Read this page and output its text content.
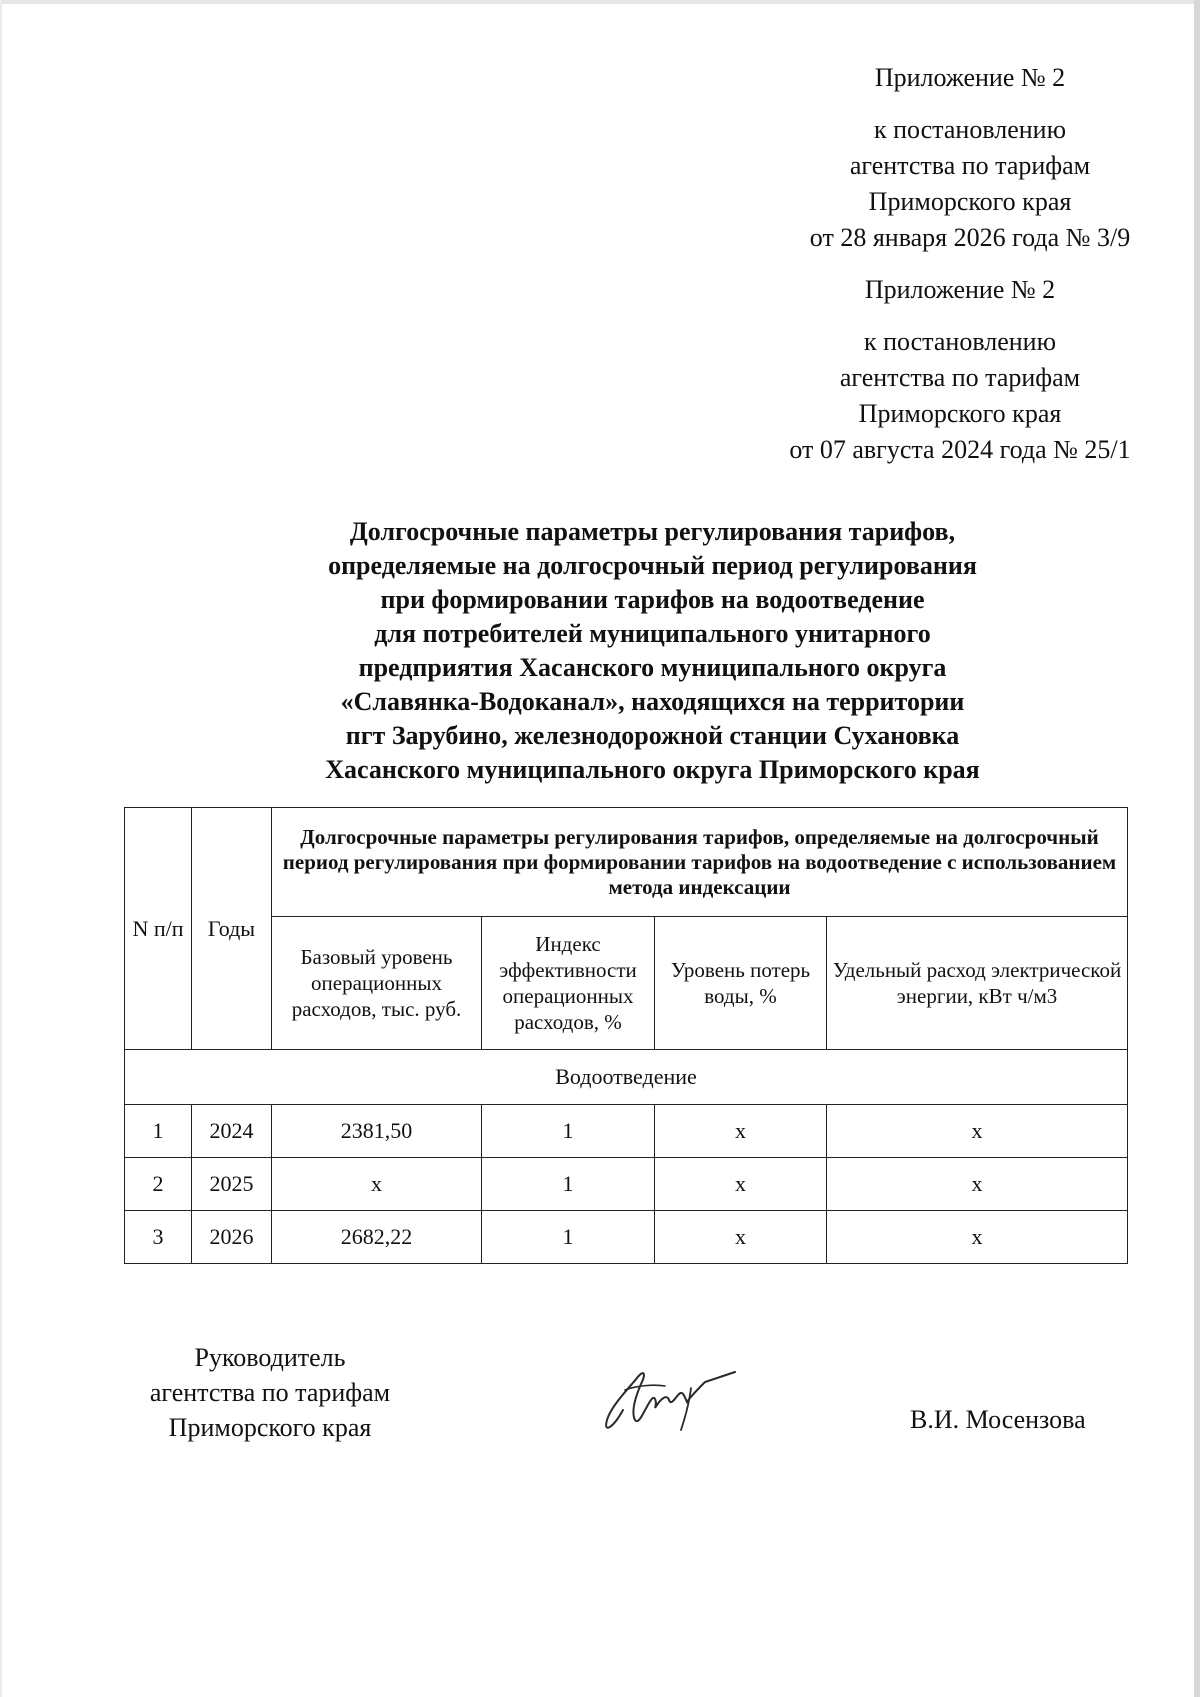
Приложение № 2
к постановлению
агентства по тарифам
Приморского края
от 28 января 2026 года № 3/9
Приложение № 2
к постановлению
агентства по тарифам
Приморского края
от 07 августа 2024 года № 25/1
Долгосрочные параметры регулирования тарифов,
определяемые на долгосрочный период регулирования
при формировании тарифов на водоотведение
для потребителей муниципального унитарного
предприятия Хасанского муниципального округа
«Славянка-Водоканал», находящихся на территории
пгт Зарубино, железнодорожной станции Сухановка
Хасанского муниципального округа Приморского края
N п/п	Годы	Долгосрочные параметры регулирования тарифов, определяемые на долгосрочный период регулирования при формировании тарифов на водоотведение с использованием метода индексации			
		Базовый уровень операционных расходов, тыс. руб.	Индекс эффективности операционных расходов, %	Уровень потерь воды, %	Удельный расход электрической энергии, кВт ч/м3
Водоотведение					
1	2024	2381,50	1	x	x
2	2025	x	1	x	x
3	2026	2682,22	1	x	x
Руководитель
агентства по тарифам
Приморского края	В.И. Мосензова
